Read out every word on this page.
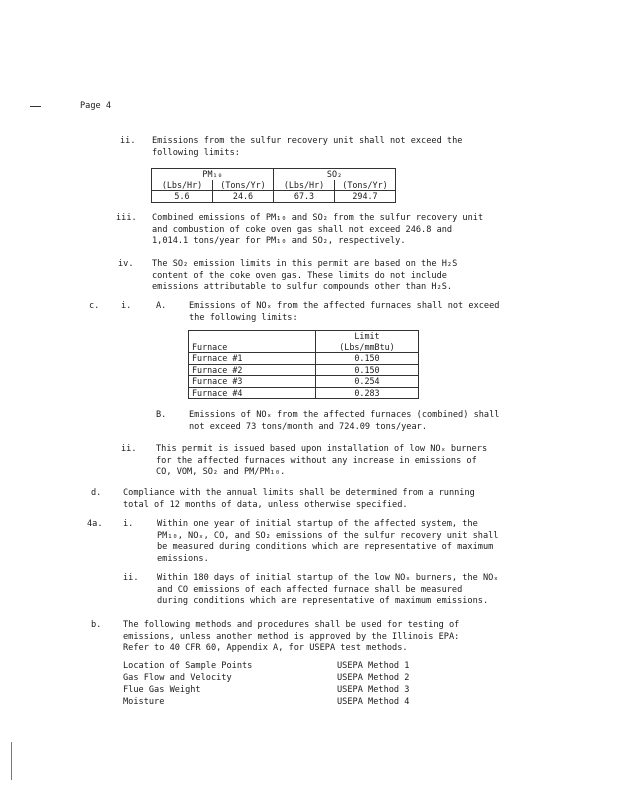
Page 4
ii. Emissions from the sulfur recovery unit shall not exceed the
following limits:
PM₁₀		SO₂	
(Lbs/Hr)	(Tons/Yr)	(Lbs/Hr)	(Tons/Yr)
5.6	24.6	67.3	294.7
iii. Combined emissions of PM₁₀ and SO₂ from the sulfur recovery unit
and combustion of coke oven gas shall not exceed 246.8 and
1,014.1 tons/year for PM₁₀ and SO₂, respectively.
iv. The SO₂ emission limits in this permit are based on the H₂S
content of the coke oven gas. These limits do not include
emissions attributable to sulfur compounds other than H₂S.
c.	i.	A.	Emissions of NOₓ from the affected furnaces shall not exceed
the following limits:
	Limit
Furnace	(Lbs/mmBtu)
Furnace #1	0.150
Furnace #2	0.150
Furnace #3	0.254
Furnace #4	0.283
B.	Emissions of NOₓ from the affected furnaces (combined) shall
not exceed 73 tons/month and 724.09 tons/year.
ii. This permit is issued based upon installation of low NOₓ burners
for the affected furnaces without any increase in emissions of
CO, VOM, SO₂ and PM/PM₁₀.
d.	Compliance with the annual limits shall be determined from a running
total of 12 months of data, unless otherwise specified.
4a. i.	Within one year of initial startup of the affected system, the
PM₁₀, NOₓ, CO, and SO₂ emissions of the sulfur recovery unit shall
be measured during conditions which are representative of maximum
emissions.
ii. Within 180 days of initial startup of the low NOₓ burners, the NOₓ
and CO emissions of each affected furnace shall be measured
during conditions which are representative of maximum emissions.
b.	The following methods and procedures shall be used for testing of
emissions, unless another method is approved by the Illinois EPA:
Refer to 40 CFR 60, Appendix A, for USEPA test methods.
Location of Sample Points	USEPA Method 1
Gas Flow and Velocity	USEPA Method 2
Flue Gas Weight	USEPA Method 3
Moisture	USEPA Method 4
